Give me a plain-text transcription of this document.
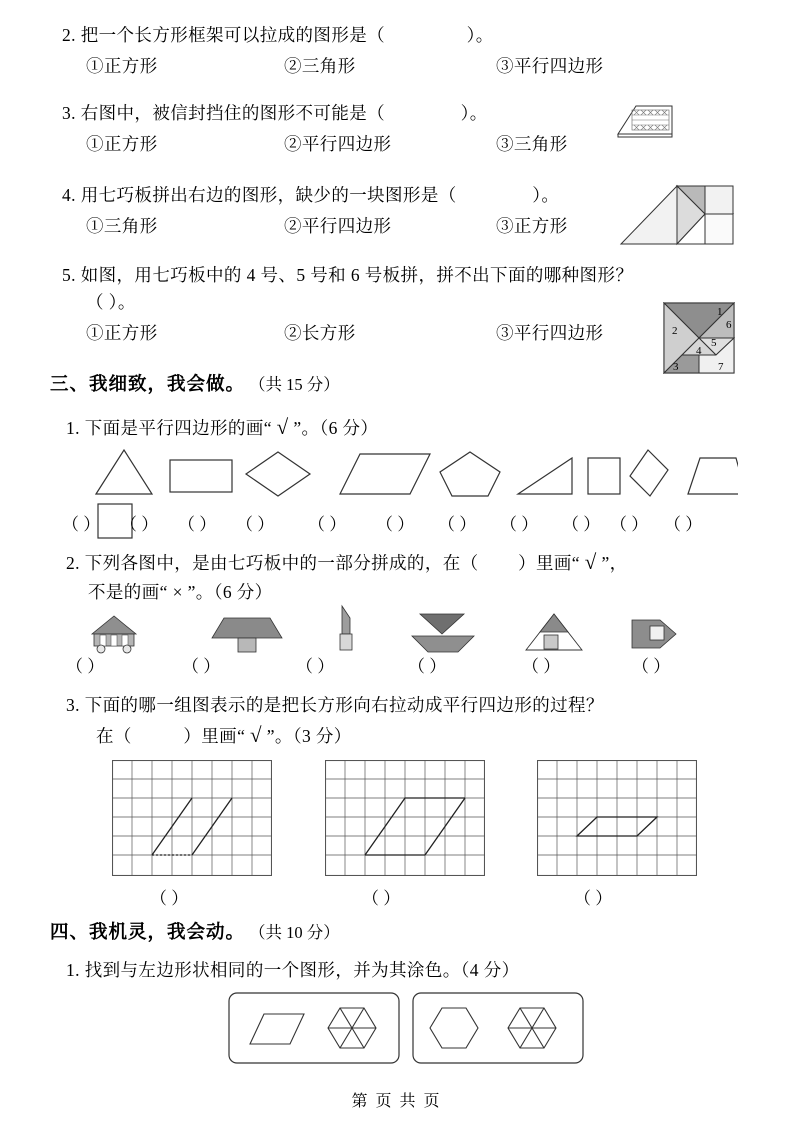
2. 把一个长方形框架可以拉成的图形是（	）。
①正方形	②三角形	③平行四边形
3. 右图中，被信封挡住的图形不可能是（	）。
①正方形	②平行四边形	③三角形
4. 用七巧板拼出右边的图形，缺少的一块图形是（	）。
①三角形	②平行四边形	③正方形
5. 如图，用七巧板中的 4 号、5 号和 6 号板拼，拼不出下面的哪种图形？
（ ）。
①正方形	②长方形	③平行四边形
1
6
2
5
4
3	7
三、我细致，我会做。 （共 15 分）
1. 下面是平行四边形的画“ √ ”。（6 分）
（ ）	（ ）	（ ）	（ ）	（ ）	（ ）	（ ）	（ ）	（ ） （ ） （ ）
2. 下列各图中，是由七巧板中的一部分拼成的，在（ ）里画“ √ ”，
不是的画“ × ”。（6 分）
（ ）	（ ）	（ ）	（ ）	（ ）	（ ）
3. 下面的哪一组图表示的是把长方形向右拉动成平行四边形的过程？
在（	）里画“ √ ”。（3 分）
（ ）	（ ）	（ ）
四、我机灵，我会动。 （共 10 分）
1. 找到与左边形状相同的一个图形，并为其涂色。（4 分）
第 页 共 页
